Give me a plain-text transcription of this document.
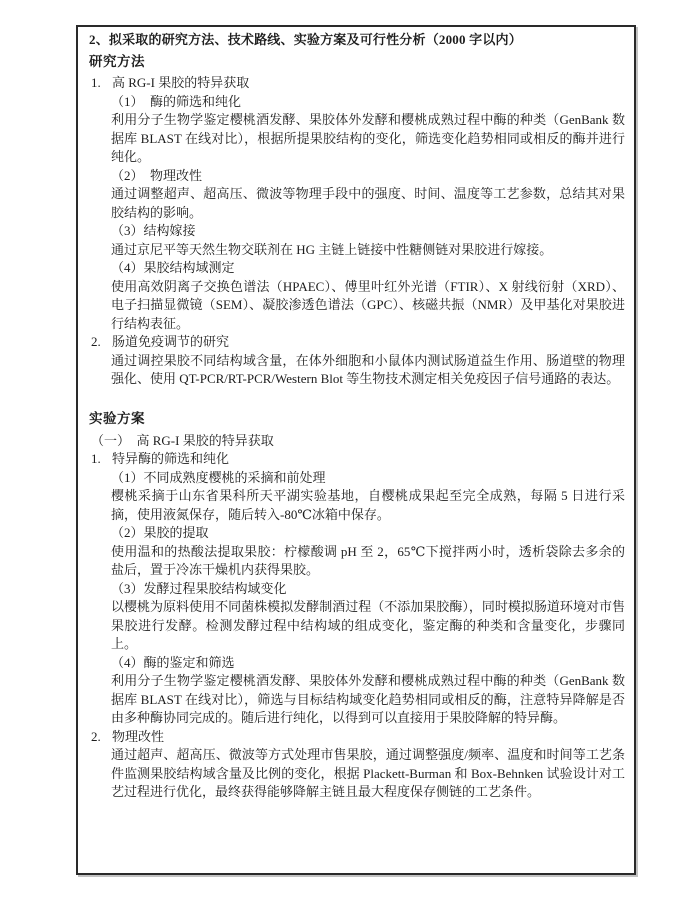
2、拟采取的研究方法、技术路线、实验方案及可行性分析（2000 字以内）
研究方法
1. 高 RG-I 果胶的特异获取
（1）　酶的筛选和纯化
利用分子生物学鉴定樱桃酒发酵、果胶体外发酵和樱桃成熟过程中酶的种类（GenBank 数据库 BLAST 在线对比），根据所提果胶结构的变化，筛选变化趋势相同或相反的酶并进行纯化。
（2）　物理改性
通过调整超声、超高压、微波等物理手段中的强度、时间、温度等工艺参数，总结其对果胶结构的影响。
（3）结构嫁接
通过京尼平等天然生物交联剂在 HG 主链上链接中性糖侧链对果胶进行嫁接。
（4）果胶结构域测定
使用高效阴离子交换色谱法（HPAEC）、傅里叶红外光谱（FTIR）、X 射线衍射（XRD）、电子扫描显微镜（SEM）、凝胶渗透色谱法（GPC）、核磁共振（NMR）及甲基化对果胶进行结构表征。
2. 肠道免疫调节的研究
通过调控果胶不同结构域含量，在体外细胞和小鼠体内测试肠道益生作用、肠道壁的物理强化、使用 QT-PCR/RT-PCR/Western Blot 等生物技术测定相关免疫因子信号通路的表达。
实验方案
（一）　高 RG-I 果胶的特异获取
1. 特异酶的筛选和纯化
（1）不同成熟度樱桃的采摘和前处理
樱桃采摘于山东省果科所天平湖实验基地，自樱桃成果起至完全成熟，每隔 5 日进行采摘，使用液氮保存，随后转入-80℃冰箱中保存。
（2）果胶的提取
使用温和的热酸法提取果胶：柠檬酸调 pH 至 2，65℃下搅拌两小时，透析袋除去多余的盐后，置于冷冻干燥机内获得果胶。
（3）发酵过程果胶结构域变化
以樱桃为原料使用不同菌株模拟发酵制酒过程（不添加果胶酶），同时模拟肠道环境对市售果胶进行发酵。检测发酵过程中结构域的组成变化，鉴定酶的种类和含量变化，步骤同上。
（4）酶的鉴定和筛选
利用分子生物学鉴定樱桃酒发酵、果胶体外发酵和樱桃成熟过程中酶的种类（GenBank 数据库 BLAST 在线对比），筛选与目标结构域变化趋势相同或相反的酶，注意特异降解是否由多种酶协同完成的。随后进行纯化，以得到可以直接用于果胶降解的特异酶。
2. 物理改性
通过超声、超高压、微波等方式处理市售果胶，通过调整强度/频率、温度和时间等工艺条件监测果胶结构域含量及比例的变化，根据 Plackett-Burman 和 Box-Behnken 试验设计对工艺过程进行优化，最终获得能够降解主链且最大程度保存侧链的工艺条件。
